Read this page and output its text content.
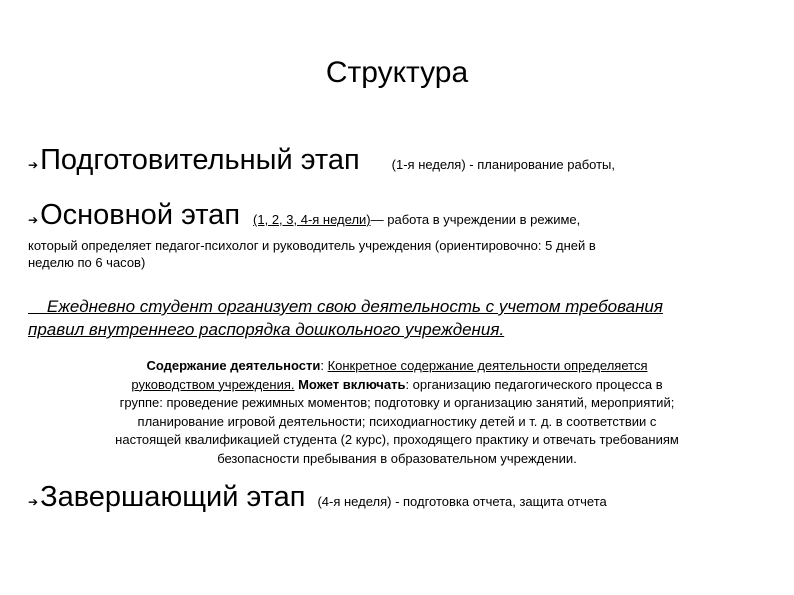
Структура
➔ Подготовительный этап (1-я неделя) - планирование работы,
➔ Основной этап (1, 2, 3, 4-я недели) — работа в учреждении в режиме,
который определяет педагог-психолог и руководитель учреждения (ориентировочно: 5 дней в
неделю по 6 часов)
Ежедневно студент организует свою деятельность с учетом требования
правил внутреннего распорядка дошкольного учреждения.
Содержание деятельности: Конкретное содержание деятельности определяется
руководством учреждения. Может включать: организацию педагогического процесса в
группе: проведение режимных моментов; подготовку и организацию занятий, мероприятий;
планирование игровой деятельности; психодиагностику детей и т. д. в соответствии с
настоящей квалификацией студента (2 курс), проходящего практику и отвечать требованиям
безопасности пребывания в образовательном учреждении.
➔ Завершающий этап (4-я неделя) - подготовка отчета, защита отчета
